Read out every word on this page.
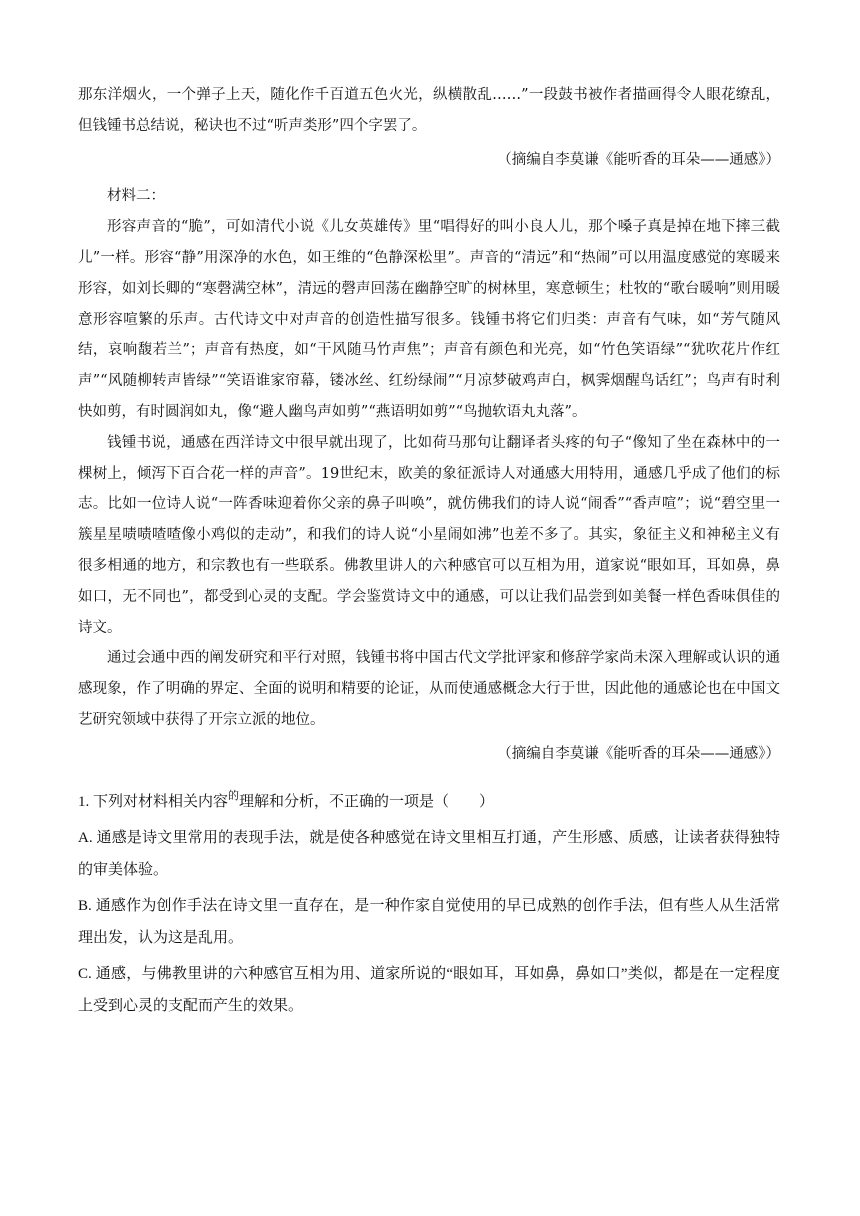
那东洋烟火，一个弹子上天，随化作千百道五色火光，纵横散乱……”一段鼓书被作者描画得令人眼花缭乱，但钱锺书总结说，秘诀也不过“听声类形”四个字罢了。

（摘编自李莫谦《能听香的耳朵——通感》）

材料二：

形容声音的“脆”，可如清代小说《儿女英雄传》里“唱得好的叫小良人儿，那个嗓子真是掉在地下摔三截儿”一样。形容“静”用深净的水色，如王维的“色静深松里”。声音的“清远”和“热闹”可以用温度感觉的寒暖来形容，如刘长卿的“寒磬满空林”，清远的磬声回荡在幽静空旷的树林里，寒意顿生；杜牧的“歌台暖响”则用暖意形容喧繁的乐声。古代诗文中对声音的创造性描写很多。钱锺书将它们归类：声音有气味，如“芳气随风结，哀响馥若兰”；声音有热度，如“干风随马竹声焦”；声音有颜色和光亮，如“竹色笑语绿”“犹吹花片作红声”“风随柳转声皆绿”“笑语谁家帘幕，镂冰丝、红纷绿闹”“月凉梦破鸡声白，枫霁烟醒鸟话红”；鸟声有时利快如剪，有时圆润如丸，像“避人幽鸟声如剪”“燕语明如剪”“鸟抛软语丸丸落”。

钱锺书说，通感在西洋诗文中很早就出现了，比如荷马那句让翻译者头疼的句子“像知了坐在森林中的一棵树上，倾泻下百合花一样的声音”。19世纪末，欧美的象征派诗人对通感大用特用，通感几乎成了他们的标志。比如一位诗人说“一阵香味迎着你父亲的鼻子叫唤”，就仿佛我们的诗人说“闹香”“香声喧”；说“碧空里一簇星星啧啧喳喳像小鸡似的走动”，和我们的诗人说“小星闹如沸”也差不多了。其实，象征主义和神秘主义有很多相通的地方，和宗教也有一些联系。佛教里讲人的六种感官可以互相为用，道家说“眼如耳，耳如鼻，鼻如口，无不同也”，都受到心灵的支配。学会鉴赏诗文中的通感，可以让我们品尝到如美餐一样色香味俱佳的诗文。

通过会通中西的阐发研究和平行对照，钱锺书将中国古代文学批评家和修辞学家尚未深入理解或认识的通感现象，作了明确的界定、全面的说明和精要的论证，从而使通感概念大行于世，因此他的通感论也在中国文艺研究领域中获得了开宗立派的地位。

（摘编自李莫谦《能听香的耳朵——通感》）

1. 下列对材料相关内容$^的$理解和分析，不正确的一项是（　　）

A. 通感是诗文里常用的表现手法，就是使各种感觉在诗文里相互打通，产生形感、质感，让读者获得独特的审美体验。

B. 通感作为创作手法在诗文里一直存在，是一种作家自觉使用的早已成熟的创作手法，但有些人从生活常理出发，认为这是乱用。

C. 通感，与佛教里讲的六种感官互相为用、道家所说的“眼如耳，耳如鼻，鼻如口”类似，都是在一定程度上受到心灵的支配而产生的效果。
